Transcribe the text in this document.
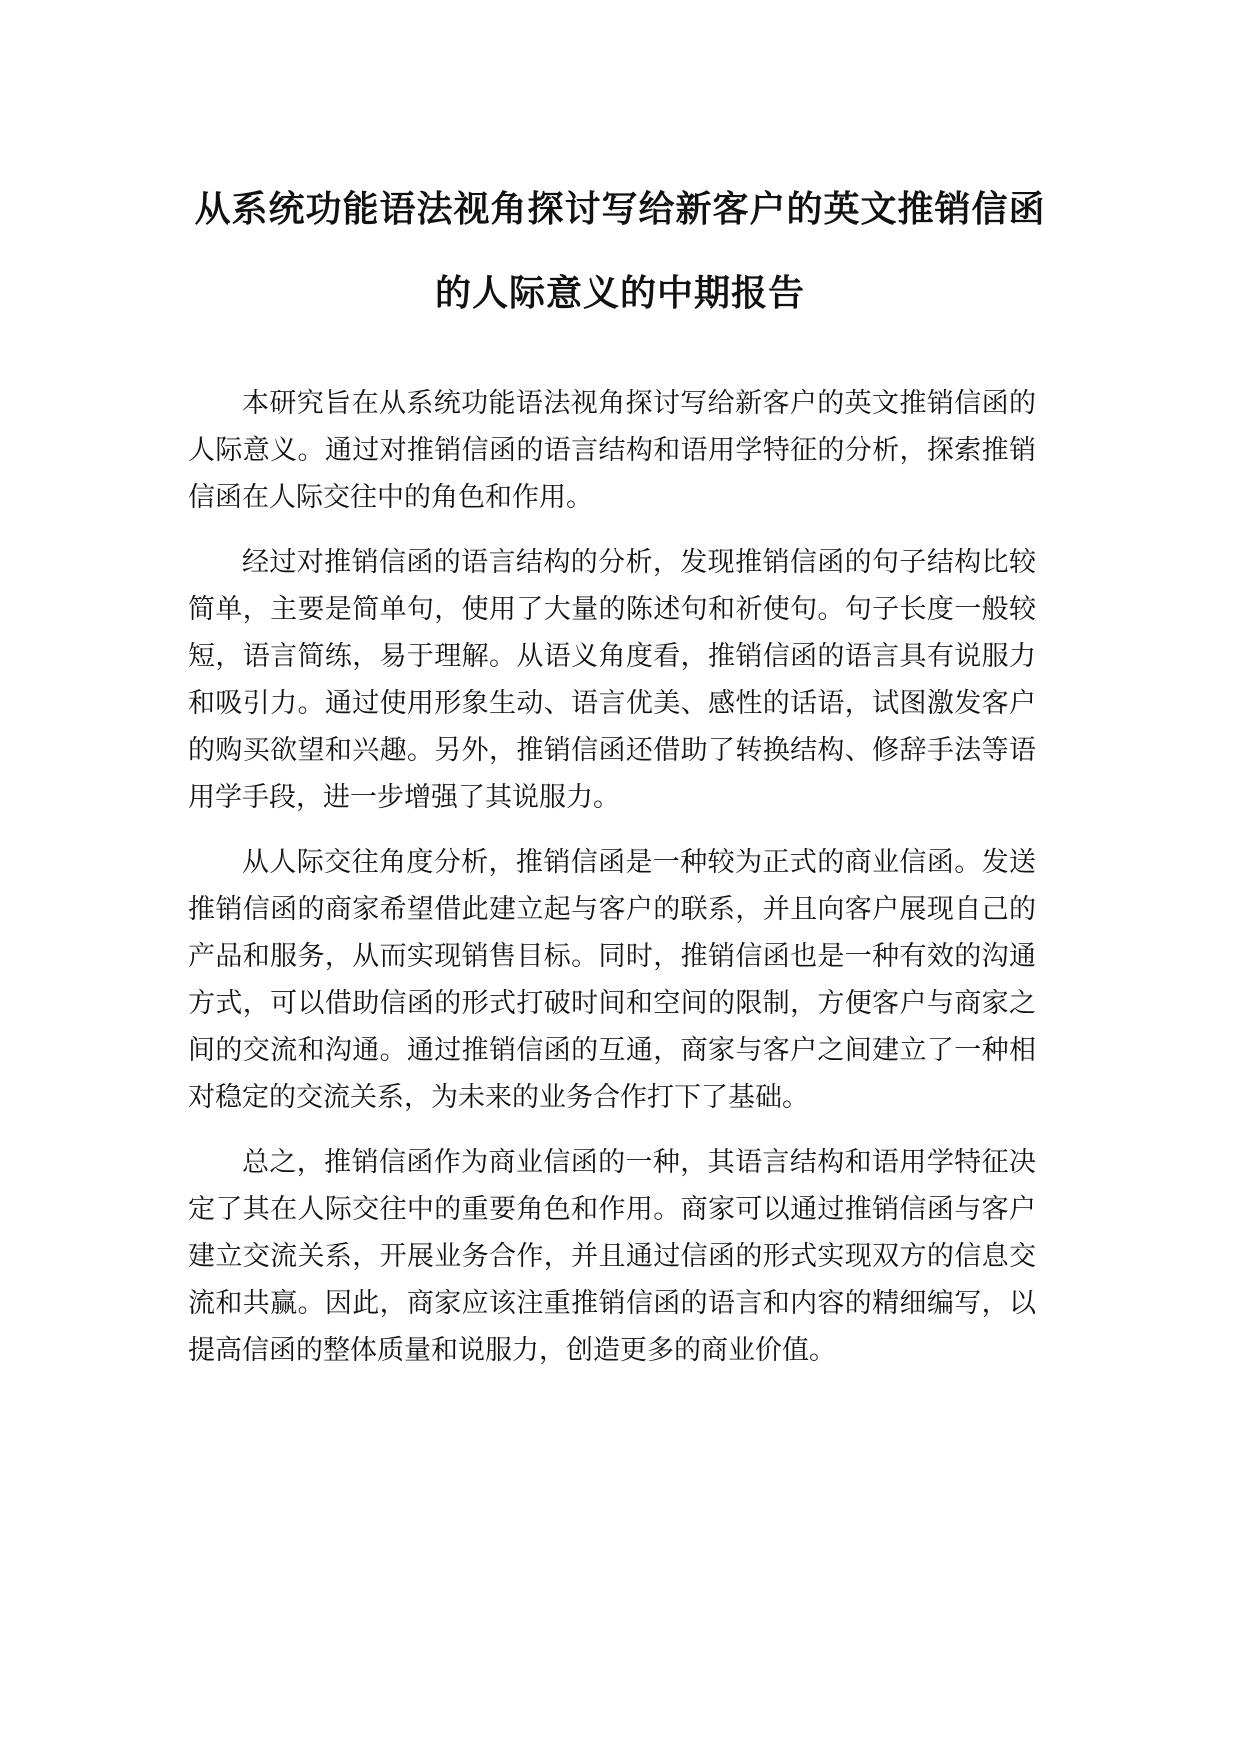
从系统功能语法视角探讨写给新客户的英文推销信函的人际意义的中期报告

本研究旨在从系统功能语法视角探讨写给新客户的英文推销信函的人际意义。通过对推销信函的语言结构和语用学特征的分析，探索推销信函在人际交往中的角色和作用。

经过对推销信函的语言结构的分析，发现推销信函的句子结构比较简单，主要是简单句，使用了大量的陈述句和祈使句。句子长度一般较短，语言简练，易于理解。从语义角度看，推销信函的语言具有说服力和吸引力。通过使用形象生动、语言优美、感性的话语，试图激发客户的购买欲望和兴趣。另外，推销信函还借助了转换结构、修辞手法等语用学手段，进一步增强了其说服力。

从人际交往角度分析，推销信函是一种较为正式的商业信函。发送推销信函的商家希望借此建立起与客户的联系，并且向客户展现自己的产品和服务，从而实现销售目标。同时，推销信函也是一种有效的沟通方式，可以借助信函的形式打破时间和空间的限制，方便客户与商家之间的交流和沟通。通过推销信函的互通，商家与客户之间建立了一种相对稳定的交流关系，为未来的业务合作打下了基础。

总之，推销信函作为商业信函的一种，其语言结构和语用学特征决定了其在人际交往中的重要角色和作用。商家可以通过推销信函与客户建立交流关系，开展业务合作，并且通过信函的形式实现双方的信息交流和共赢。因此，商家应该注重推销信函的语言和内容的精细编写，以提高信函的整体质量和说服力，创造更多的商业价值。
